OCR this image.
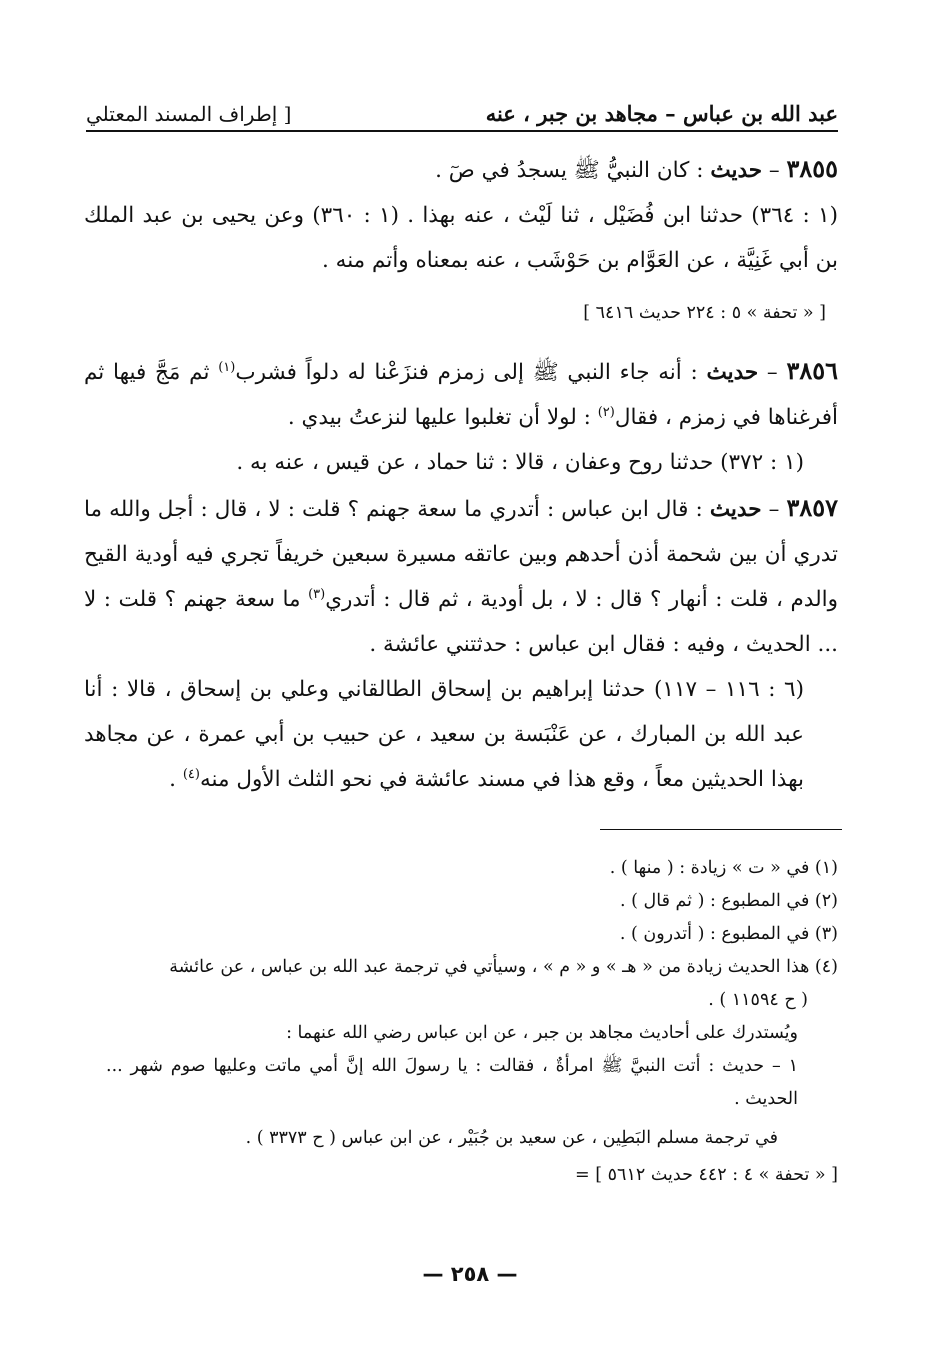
عبد الله بن عباس – مجاهد بن جبر ، عنه
[ إطراف المسند المعتلي

٣٨٥٥ – حديث : كان النبيُّ ﷺ يسجدُ في صٓ .

(١ : ٣٦٤) حدثنا ابن فُضَيْل ، ثنا لَيْث ، عنه بهذا . (١ : ٣٦٠) وعن يحيى بن عبد الملك بن أبي غَنِيَّة ، عن العَوَّام بن حَوْشَب ، عنه بمعناه وأتم منه .

[ « تحفة » ٥ : ٢٢٤ حديث ٦٤١٦ ]

٣٨٥٦ – حديث : أنه جاء النبي ﷺ إلى زمزم فنزَعْنا له دلواً فشرب$^{(١)}$ ثم مَجَّ فيها ثم أفرغناها في زمزم ، فقال$^{(٢)}$ : لولا أن تغلبوا عليها لنزعتُ بيدي .

(١ : ٣٧٢) حدثنا روح وعفان ، قالا : ثنا حماد ، عن قيس ، عنه به .

٣٨٥٧ – حديث : قال ابن عباس : أتدري ما سعة جهنم ؟ قلت : لا ، قال : أجل والله ما تدري أن بين شحمة أذن أحدهم وبين عاتقه مسيرة سبعين خريفاً تجري فيه أودية القيح والدم ، قلت : أنهار ؟ قال : لا ، بل أودية ، ثم قال : أتدري$^{(٣)}$ ما سعة جهنم ؟ قلت : لا ... الحديث ، وفيه : فقال ابن عباس : حدثتني عائشة .

(٦ : ١١٦ – ١١٧) حدثنا إبراهيم بن إسحاق الطالقاني وعلي بن إسحاق ، قالا : أنا عبد الله بن المبارك ، عن عَنْبَسة بن سعيد ، عن حبيب بن أبي عمرة ، عن مجاهد بهذا الحديثين معاً ، وقع هذا في مسند عائشة في نحو الثلث الأول منه$^{(٤)}$ .

(١) في « ت » زيادة : ( منها ) .

(٢) في المطبوع : ( ثم قال ) .

(٣) في المطبوع : ( أتدرون ) .

(٤) هذا الحديث زيادة من « هـ » و « م » ، وسيأتي في ترجمة عبد الله بن عباس ، عن عائشة

( ح ١١٥٩٤ ) .

ويُستدرك على أحاديث مجاهد بن جبر ، عن ابن عباس رضي الله عنهما :

١ – حديث : أتت النبيَّ ﷺ امرأةٌ ، فقالت : يا رسولَ الله إنَّ أمي ماتت وعليها صوم شهر ... الحديث .

في ترجمة مسلم البَطِين ، عن سعيد بن جُبَيْر ، عن ابن عباس ( ح ٣٣٧٣ ) .

[ « تحفة » ٤ : ٤٤٢ حديث ٥٦١٢ ] =

— ٢٥٨ —
